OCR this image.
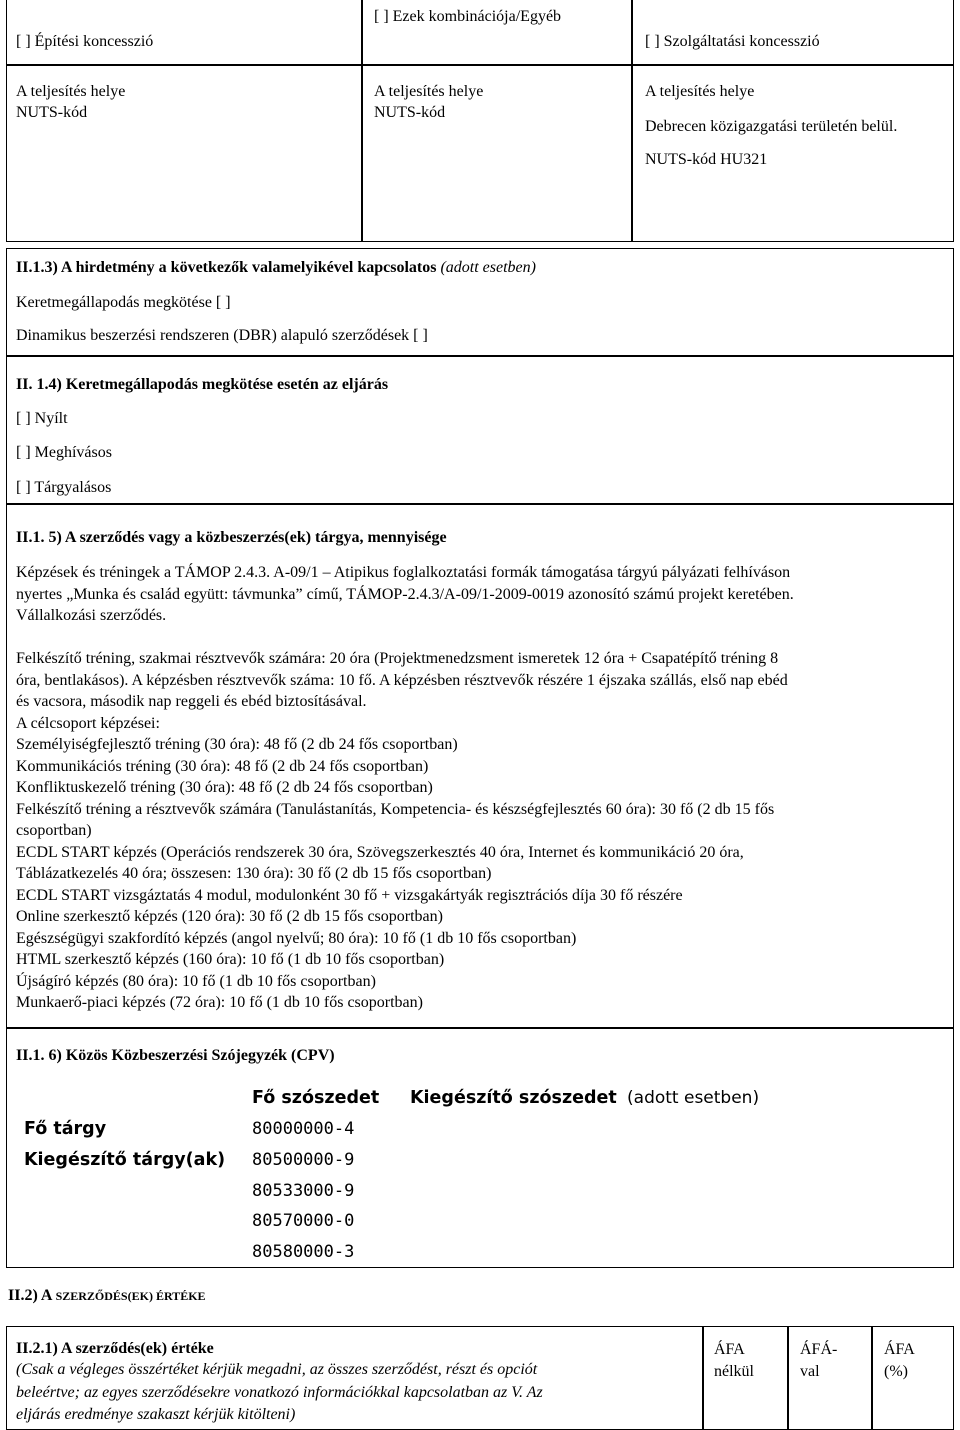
[ ] Építési koncesszió
[ ] Ezek kombinációja/Egyéb
[ ] Szolgáltatási koncesszió
A teljesítés helye
NUTS-kód
A teljesítés helye
NUTS-kód
A teljesítés helye
Debrecen közigazgatási területén belül.
NUTS-kód HU321
II.1.3) A hirdetmény a következők valamelyikével kapcsolatos (adott esetben)
Keretmegállapodás megkötése [ ]
Dinamikus beszerzési rendszeren (DBR) alapuló szerződések [ ]
II. 1.4) Keretmegállapodás megkötése esetén az eljárás
[ ] Nyílt
[ ] Meghívásos
[ ] Tárgyalásos
II.1. 5) A szerződés vagy a közbeszerzés(ek) tárgya, mennyisége
Képzések és tréningek a TÁMOP 2.4.3. A-09/1 – Atipikus foglalkoztatási formák támogatása tárgyú pályázati felhíváson
nyertes „Munka és család együtt: távmunka” című, TÁMOP-2.4.3/A-09/1-2009-0019 azonosító számú projekt keretében.
Vállalkozási szerződés.
Felkészítő tréning, szakmai résztvevők számára: 20 óra (Projektmenedzsment ismeretek 12 óra + Csapatépítő tréning 8
óra, bentlakásos). A képzésben résztvevők száma: 10 fő. A képzésben résztvevők részére 1 éjszaka szállás, első nap ebéd
és vacsora, második nap reggeli és ebéd biztosításával.
A célcsoport képzései:
Személyiségfejlesztő tréning (30 óra): 48 fő (2 db 24 fős csoportban)
Kommunikációs tréning (30 óra): 48 fő (2 db 24 fős csoportban)
Konfliktuskezelő tréning (30 óra): 48 fő (2 db 24 fős csoportban)
Felkészítő tréning a résztvevők számára (Tanulástanítás, Kompetencia- és készségfejlesztés 60 óra): 30 fő (2 db 15 fős
csoportban)
ECDL START képzés (Operációs rendszerek 30 óra, Szövegszerkesztés 40 óra, Internet és kommunikáció 20 óra,
Táblázatkezelés 40 óra; összesen: 130 óra): 30 fő (2 db 15 fős csoportban)
ECDL START vizsgáztatás 4 modul, modulonként 30 fő + vizsgakártyák regisztrációs díja 30 fő részére
Online szerkesztő képzés (120 óra): 30 fő (2 db 15 fős csoportban)
Egészségügyi szakfordító képzés (angol nyelvű; 80 óra): 10 fő (1 db 10 fős csoportban)
HTML szerkesztő képzés (160 óra): 10 fő (1 db 10 fős csoportban)
Újságíró képzés (80 óra): 10 fő (1 db 10 fős csoportban)
Munkaerő-piaci képzés (72 óra): 10 fő (1 db 10 fős csoportban)
II.1. 6) Közös Közbeszerzési Szójegyzék (CPV)
Fő szószedet Kiegészítő szószedet (adott esetben)
Fő tárgy	80000000-4
Kiegészítő tárgy(ak) 80500000-9
80533000-9
80570000-0
80580000-3
II.2) A SZERZŐDÉS(EK) ÉRTÉKE
II.2.1) A szerződés(ek) értéke
(Csak a végleges összértéket kérjük megadni, az összes szerződést, részt és opciót
beleértve; az egyes szerződésekre vonatkozó információkkal kapcsolatban az V. Az
eljárás eredménye szakaszt kérjük kitölteni)
ÁFA
nélkül
ÁFÁ-
val
ÁFA
(%)
